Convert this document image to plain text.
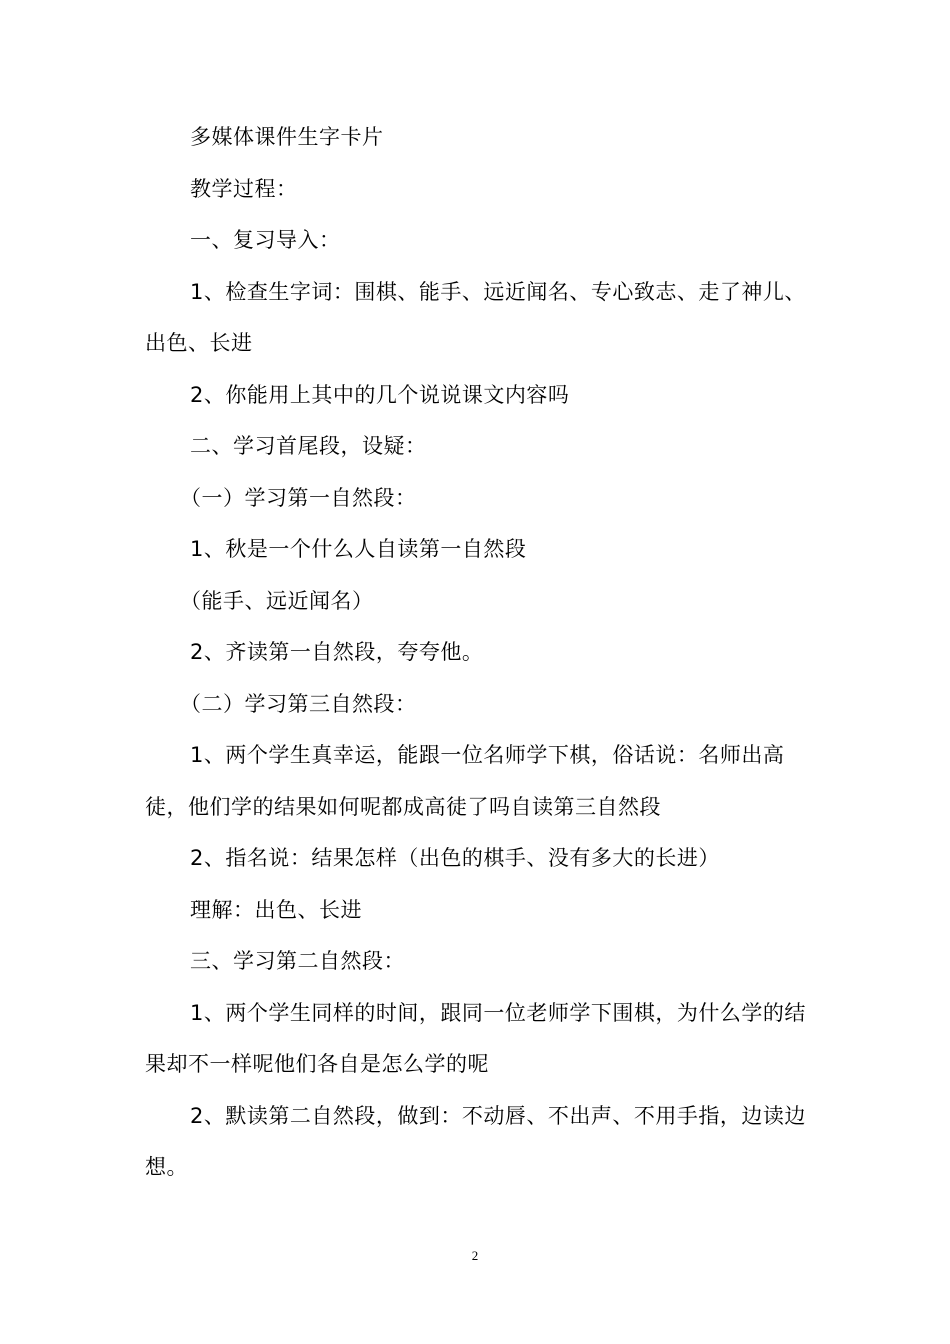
多媒体课件生字卡片

教学过程：

一、复习导入：

1、检查生字词：围棋、能手、远近闻名、专心致志、走了神儿、出色、长进

2、你能用上其中的几个说说课文内容吗

二、学习首尾段，设疑：

（一）学习第一自然段：

1、秋是一个什么人自读第一自然段

（能手、远近闻名）

2、齐读第一自然段，夸夸他。

（二）学习第三自然段：

1、两个学生真幸运，能跟一位名师学下棋，俗话说：名师出高徒，他们学的结果如何呢都成高徒了吗自读第三自然段

2、指名说：结果怎样（出色的棋手、没有多大的长进）

理解：出色、长进

三、学习第二自然段：

1、两个学生同样的时间，跟同一位老师学下围棋，为什么学的结果却不一样呢他们各自是怎么学的呢

2、默读第二自然段，做到：不动唇、不出声、不用手指，边读边想。

2
